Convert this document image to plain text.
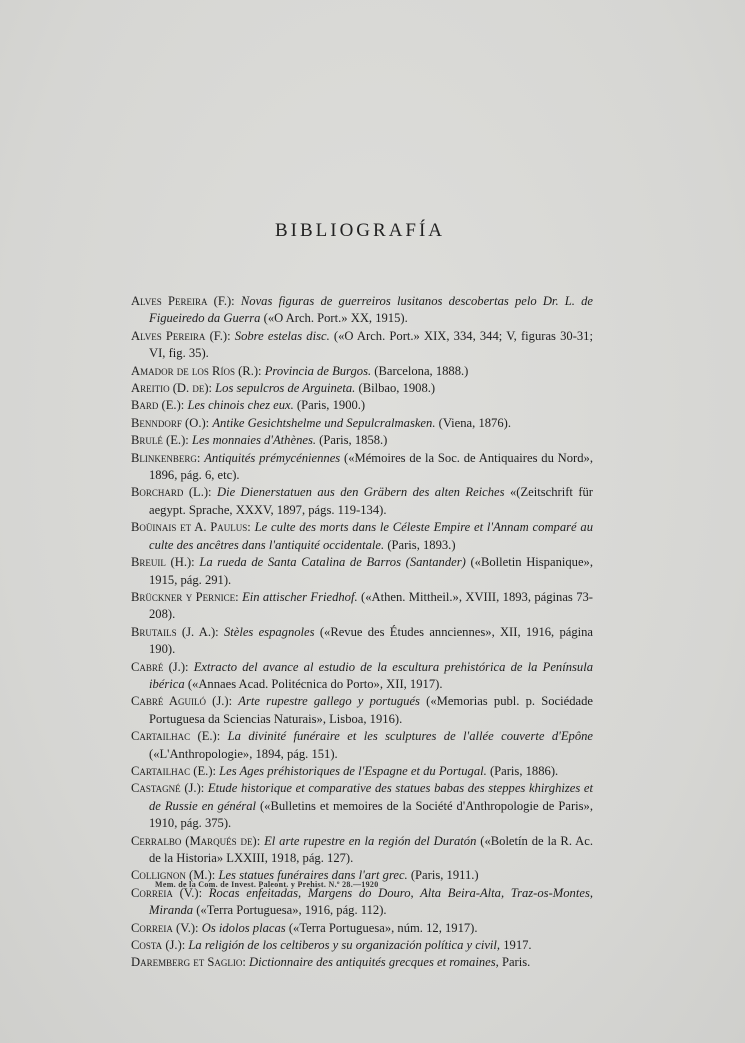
BIBLIOGRAFÍA
Alves Pereira (F.): Novas figuras de guerreiros lusitanos descobertas pelo Dr. L. de Figueiredo da Guerra («O Arch. Port.» XX, 1915).
Alves Pereira (F.): Sobre estelas disc. («O Arch. Port.» XIX, 334, 344; V, figuras 30-31; VI, fig. 35).
Amador de los Ríos (R.): Provincia de Burgos. (Barcelona, 1888.)
Areitio (D. de): Los sepulcros de Arguineta. (Bilbao, 1908.)
Bard (E.): Les chinois chez eux. (Paris, 1900.)
Benndorf (O.): Antike Gesichtshelme und Sepulcralmasken. (Viena, 1876).
Brulé (E.): Les monnaies d'Athènes. (Paris, 1858.)
Blinkenberg: Antiquités prémycéniennes («Mémoires de la Soc. de Antiquaires du Nord», 1896, pág. 6, etc).
Borchard (L.): Die Dienerstatuen aus den Gräbern des alten Reiches «(Zeitschrift für aegypt. Sprache, XXXV, 1897, págs. 119-134).
Boüinais et A. Paulus: Le culte des morts dans le Céleste Empire et l'Annam comparé au culte des ancêtres dans l'antiquité occidentale. (Paris, 1893.)
Breuil (H.): La rueda de Santa Catalina de Barros (Santander) («Bolletin Hispanique», 1915, pág. 291).
Brückner y Pernice: Ein attischer Friedhof. («Athen. Mittheil.», XVIII, 1893, páginas 73-208).
Brutails (J. A.): Stèles espagnoles («Revue des Études annciennes», XII, 1916, página 190).
Cabré (J.): Extracto del avance al estudio de la escultura prehistórica de la Península ibérica («Annaes Acad. Politécnica do Porto», XII, 1917).
Cabré Aguiló (J.): Arte rupestre gallego y portugués («Memorias publ. p. Sociédade Portuguesa da Sciencias Naturais», Lisboa, 1916).
Cartailhac (E.): La divinité funéraire et les sculptures de l'allée couverte d'Epône («L'Anthropologie», 1894, pág. 151).
Cartailhac (E.): Les Ages préhistoriques de l'Espagne et du Portugal. (Paris, 1886).
Castagné (J.): Etude historique et comparative des statues babas des steppes khirghizes et de Russie en général («Bulletins et memoires de la Société d'Anthropologie de Paris», 1910, pág. 375).
Cerralbo (Marqués de): El arte rupestre en la región del Duratón («Boletín de la R. Ac. de la Historia» LXXIII, 1918, pág. 127).
Collignon (M.): Les statues funéraires dans l'art grec. (Paris, 1911.)
Correia (V.): Rocas enfeitadas, Margens do Douro, Alta Beira-Alta, Traz-os-Montes, Miranda («Terra Portuguesa», 1916, pág. 112).
Correia (V.): Os idolos placas («Terra Portuguesa», núm. 12, 1917).
Costa (J.): La religión de los celtiberos y su organización política y civil, 1917.
Daremberg et Saglio: Dictionnaire des antiquités grecques et romaines, Paris.
Mem. de la Com. de Invest. Paleont. y Prehist. N.º 28.—1920
